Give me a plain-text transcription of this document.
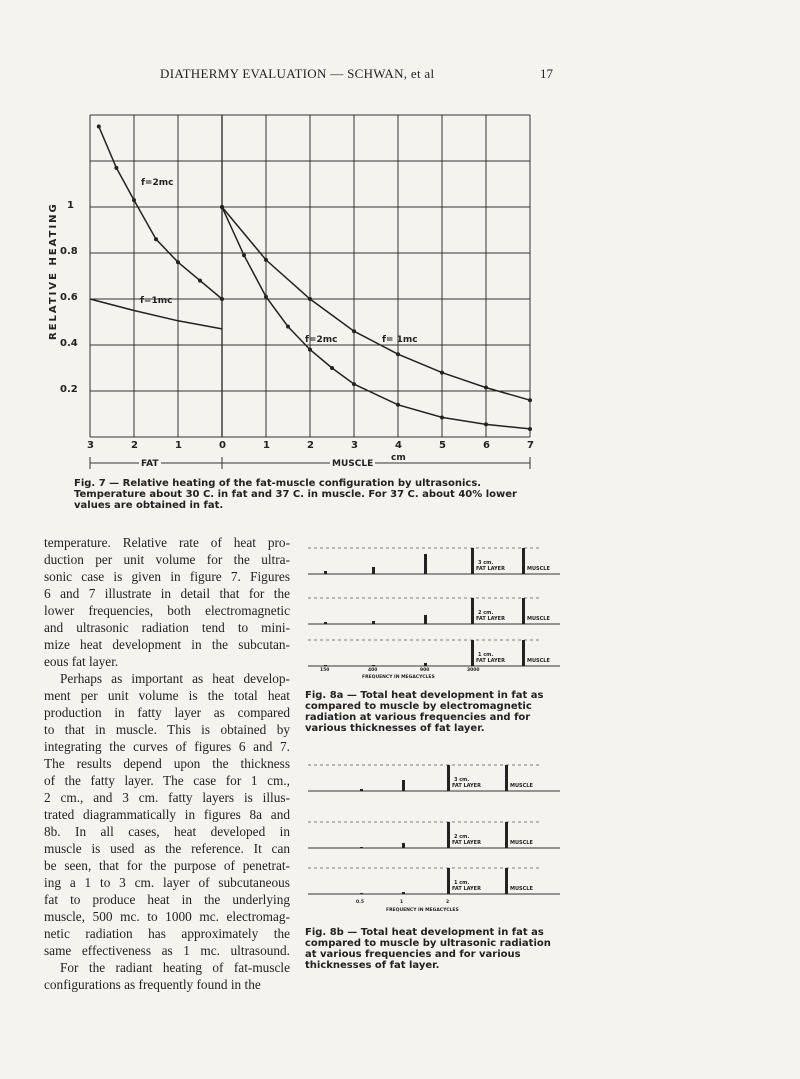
DIATHERMY EVALUATION — SCHWAN, et al	17
RELATIVE HEATING 1
0.8
0.6
0.4
0.2
3	2	1	0	1	2	3	4	5	6	7
cm
FAT	MUSCLE
f=2mc
f=1mc
f=2mc	f= 1mc
Fig. 7 — Relative heating of the fat-muscle configuration by ultrasonics. Temperature about 30 C. in fat and 37 C. in muscle. For 37 C. about 40% lower values are obtained in fat.
temperature. Relative rate of heat pro-
duction per unit volume for the ultra-
sonic case is given in figure 7. Figures
6 and 7 illustrate in detail that for the
lower frequencies, both electromagnetic
and ultrasonic radiation tend to mini-
mize heat development in the subcutan-
eous fat layer.
Perhaps as important as heat develop-
ment per unit volume is the total heat
production in fatty layer as compared
to that in muscle. This is obtained by
integrating the curves of figures 6 and 7.
The results depend upon the thickness
of the fatty layer. The case for 1 cm.,
2 cm., and 3 cm. fatty layers is illus-
trated diagrammatically in figures 8a and
8b. In all cases, heat developed in
muscle is used as the reference. It can
be seen, that for the purpose of penetrat-
ing a 1 to 3 cm. layer of subcutaneous
fat to produce heat in the underlying
muscle, 500 mc. to 1000 mc. electromag-
netic radiation has approximately the
same effectiveness as 1 mc. ultrasound.
For the radiant heating of fat-muscle
configurations as frequently found in the
3 cm.
FAT LAYER	MUSCLE
2 cm.
FAT LAYER	MUSCLE
1 cm.
FAT LAYER	MUSCLE
150	400	900	3000
FREQUENCY IN MEGACYCLES
Fig. 8a — Total heat development in fat as compared to muscle by electromagnetic radiation at various frequencies and for various thicknesses of fat layer.
3 cm.
FAT LAYER	MUSCLE
2 cm.
FAT LAYER	MUSCLE
1 cm.
FAT LAYER	MUSCLE
0.5	1	2
FREQUENCY IN MEGACYCLES
Fig. 8b — Total heat development in fat as compared to muscle by ultrasonic radiation at various frequencies and for various thicknesses of fat layer.
